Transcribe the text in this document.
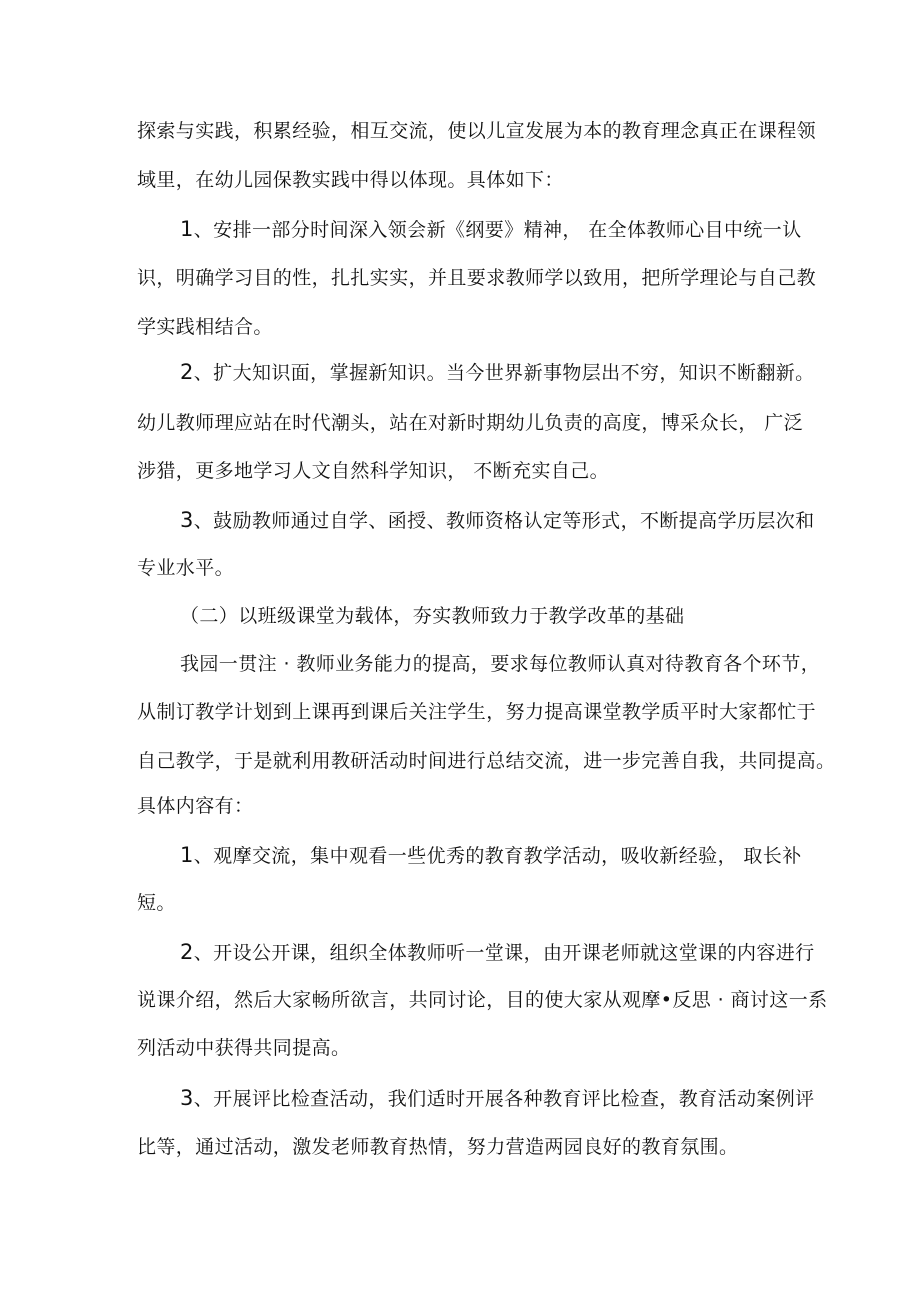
探索与实践，积累经验，相互交流，使以儿宣发展为本的教育理念真正在课程领

域里，在幼儿园保教实践中得以体现。具体如下：

1、安排一部分时间深入领会新《纲要》精神， 在全体教师心目中统一认

识，明确学习目的性，扎扎实实，并且要求教师学以致用，把所学理论与自己教

学实践相结合。

2、扩大知识面，掌握新知识。当今世界新事物层出不穷，知识不断翻新。

幼儿教师理应站在时代潮头，站在对新时期幼儿负责的高度，博采众长， 广泛

涉猎，更多地学习人文自然科学知识， 不断充实自己。

3、鼓励教师通过自学、函授、教师资格认定等形式，不断提高学历层次和

专业水平。

（二）以班级课堂为载体，夯实教师致力于教学改革的基础

我园一贯注 · 教师业务能力的提高，要求每位教师认真对待教育各个环节，

从制订教学计划到上课再到课后关注学生，努力提高课堂教学质平时大家都忙于

自己教学，于是就利用教研活动时间进行总结交流，进一步完善自我，共同提高。

具体内容有：

1、观摩交流，集中观看一些优秀的教育教学活动，吸收新经验， 取长补

短。

2、开设公开课，组织全体教师听一堂课，由开课老师就这堂课的内容进行

说课介绍，然后大家畅所欲言，共同讨论，目的使大家从观摩•反思 · 商讨这一系

列活动中获得共同提高。

3、开展评比检查活动，我们适时开展各种教育评比检查，教育活动案例评

比等，通过活动，激发老师教育热情，努力营造两园良好的教育氛围。
